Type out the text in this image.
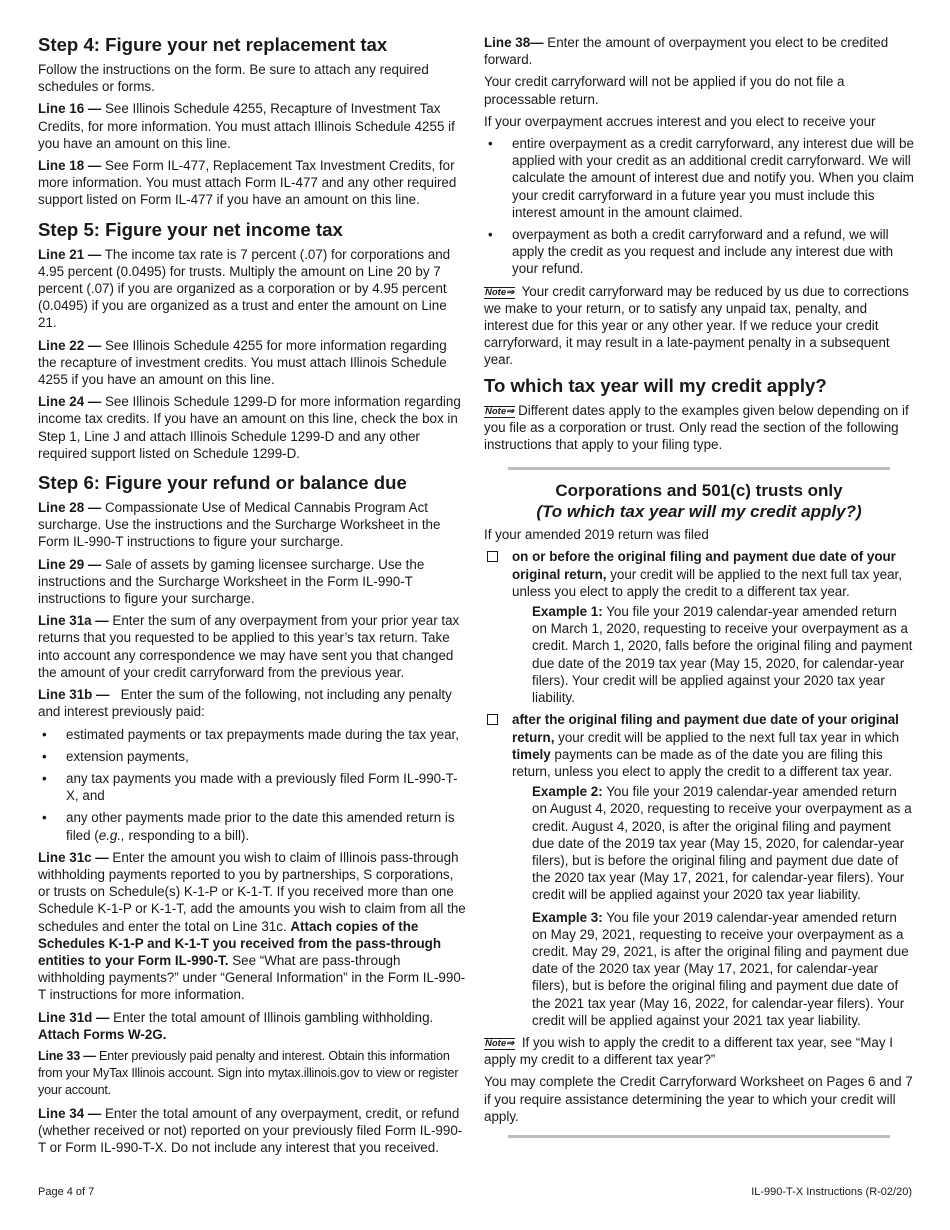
Step 4: Figure your net replacement tax

Follow the instructions on the form. Be sure to attach any required schedules or forms.

Line 16 — See Illinois Schedule 4255, Recapture of Investment Tax Credits, for more information. You must attach Illinois Schedule 4255 if you have an amount on this line.

Line 18 — See Form IL-477, Replacement Tax Investment Credits, for more information. You must attach Form IL-477 and any other required support listed on Form IL-477 if you have an amount on this line.

Step 5: Figure your net income tax

Line 21 — The income tax rate is 7 percent (.07) for corporations and 4.95 percent (0.0495) for trusts. Multiply the amount on Line 20 by 7 percent (.07) if you are organized as a corporation or by 4.95 percent (0.0495) if you are organized as a trust and enter the amount on Line 21.

Line 22 — See Illinois Schedule 4255 for more information regarding the recapture of investment credits. You must attach Illinois Schedule 4255 if you have an amount on this line.

Line 24 — See Illinois Schedule 1299-D for more information regarding income tax credits. If you have an amount on this line, check the box in Step 1, Line J and attach Illinois Schedule 1299-D and any other required support listed on Schedule 1299-D.

Step 6: Figure your refund or balance due

Line 28 — Compassionate Use of Medical Cannabis Program Act surcharge. Use the instructions and the Surcharge Worksheet in the Form IL-990-T instructions to figure your surcharge.

Line 29 — Sale of assets by gaming licensee surcharge. Use the instructions and the Surcharge Worksheet in the Form IL-990-T instructions to figure your surcharge.

Line 31a — Enter the sum of any overpayment from your prior year tax returns that you requested to be applied to this year’s tax return. Take into account any correspondence we may have sent you that changed the amount of your credit carryforward from the previous year.

Line 31b —   Enter the sum of the following, not including any penalty and interest previously paid:

• estimated payments or tax prepayments made during the tax year,
• extension payments,
• any tax payments you made with a previously filed Form IL-990-T-X, and
• any other payments made prior to the date this amended return is filed (e.g., responding to a bill).

Line 31c — Enter the amount you wish to claim of Illinois pass-through withholding payments reported to you by partnerships, S corporations, or trusts on Schedule(s) K-1-P or K-1-T. If you received more than one Schedule K-1-P or K-1-T, add the amounts you wish to claim from all the schedules and enter the total on Line 31c. Attach copies of the Schedules K-1-P and K-1-T you received from the pass-through entities to your Form IL-990-T. See “What are pass-through withholding payments?” under “General Information” in the Form IL-990-T instructions for more information.

Line 31d — Enter the total amount of Illinois gambling withholding. Attach Forms W-2G.

Line 33 — Enter previously paid penalty and interest. Obtain this information from your MyTax Illinois account. Sign into mytax.illinois.gov to view or register your account.

Line 34 — Enter the total amount of any overpayment, credit, or refund (whether received or not) reported on your previously filed Form IL-990-T or Form IL-990-T-X. Do not include any interest that you received.

Line 38— Enter the amount of overpayment you elect to be credited forward.

Your credit carryforward will not be applied if you do not file a processable return.

If your overpayment accrues interest and you elect to receive your

• entire overpayment as a credit carryforward, any interest due will be applied with your credit as an additional credit carryforward. We will calculate the amount of interest due and notify you. When you claim your credit carryforward in a future year you must include this interest amount in the amount claimed.
• overpayment as both a credit carryforward and a refund, we will apply the credit as you request and include any interest due with your refund.

Note⇒ Your credit carryforward may be reduced by us due to corrections we make to your return, or to satisfy any unpaid tax, penalty, and interest due for this year or any other year. If we reduce your credit carryforward, it may result in a late-payment penalty in a subsequent year.

To which tax year will my credit apply?

Note⇒ Different dates apply to the examples given below depending on if you file as a corporation or trust. Only read the section of the following instructions that apply to your filing type.

Corporations and 501(c) trusts only
(To which tax year will my credit apply?)

If your amended 2019 return was filed

on or before the original filing and payment due date of your original return, your credit will be applied to the next full tax year, unless you elect to apply the credit to a different tax year.
Example 1: You file your 2019 calendar-year amended return on March 1, 2020, requesting to receive your overpayment as a credit. March 1, 2020, falls before the original filing and payment due date of the 2019 tax year (May 15, 2020, for calendar-year filers). Your credit will be applied against your 2020 tax year liability.
after the original filing and payment due date of your original return, your credit will be applied to the next full tax year in which timely payments can be made as of the date you are filing this return, unless you elect to apply the credit to a different tax year.
Example 2: You file your 2019 calendar-year amended return on August 4, 2020, requesting to receive your overpayment as a credit. August 4, 2020, is after the original filing and payment due date of the 2019 tax year (May 15, 2020, for calendar-year filers), but is before the original filing and payment due date of the 2020 tax year (May 17, 2021, for calendar-year filers). Your credit will be applied against your 2020 tax year liability.
Example 3: You file your 2019 calendar-year amended return on May 29, 2021, requesting to receive your overpayment as a credit. May 29, 2021, is after the original filing and payment due date of the 2020 tax year (May 17, 2021, for calendar-year filers), but is before the original filing and payment due date of the 2021 tax year (May 16, 2022, for calendar-year filers). Your credit will be applied against your 2021 tax year liability.

Note⇒ If you wish to apply the credit to a different tax year, see “May I apply my credit to a different tax year?”

You may complete the Credit Carryforward Worksheet on Pages 6 and 7 if you require assistance determining the year to which your credit will apply.

Page 4 of 7	IL-990-T-X Instructions (R-02/20)
